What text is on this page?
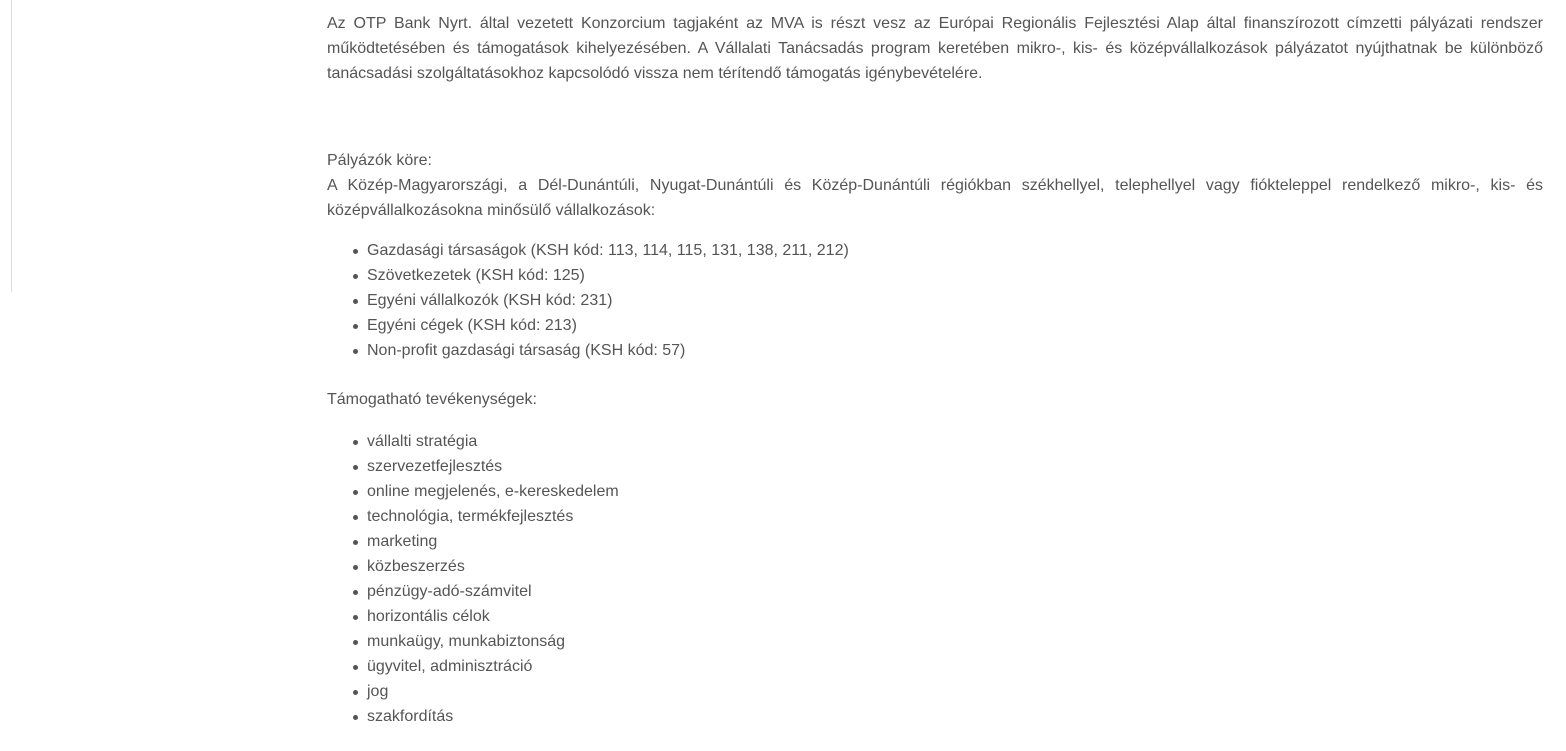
Az OTP Bank Nyrt. által vezetett Konzorcium tagjaként az MVA is részt vesz az Európai Regionális Fejlesztési Alap által finanszírozott címzetti pályázati rendszer működtetésében és támogatások kihelyezésében. A Vállalati Tanácsadás program keretében mikro-, kis- és középvállalkozások pályázatot nyújthatnak be különböző tanácsadási szolgáltatásokhoz kapcsolódó vissza nem térítendő támogatás igénybevételére.

Pályázók köre:

A Közép-Magyarországi, a Dél-Dunántúli, Nyugat-Dunántúli és Közép-Dunántúli régiókban székhellyel, telephellyel vagy fiókteleppel rendelkező mikro-, kis- és középvállalkozásokna minősülő vállalkozások:

Gazdasági társaságok (KSH kód: 113, 114, 115, 131, 138, 211, 212)
Szövetkezetek (KSH kód: 125)
Egyéni vállalkozók (KSH kód: 231)
Egyéni cégek (KSH kód: 213)
Non-profit gazdasági társaság (KSH kód: 57)

Támogatható tevékenységek:

vállalti stratégia
szervezetfejlesztés
online megjelenés, e-kereskedelem
technológia, termékfejlesztés
marketing
közbeszerzés
pénzügy-adó-számvitel
horizontális célok
munkaügy, munkabiztonság
ügyvitel, adminisztráció
jog
szakfordítás
